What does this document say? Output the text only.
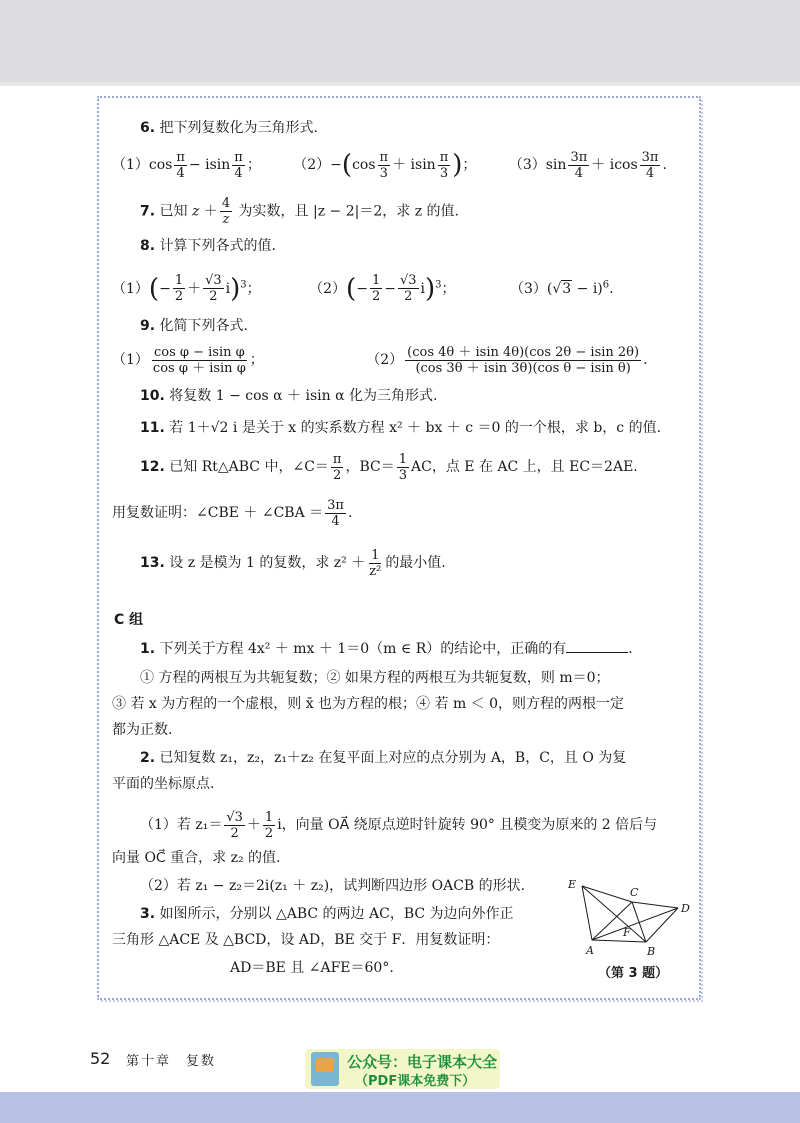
6. 把下列复数化为三角形式.
$(1)\cos \frac{\pi}{4} - isin \frac{\pi}{4}$ ； $(2)-(\cos \frac{\pi}{3} + isin \frac{\pi}{3}$ )； $(3)\sin \frac{3\pi}{4} + icos \frac{3\pi}{4}$ .
7. 已知 $z + \frac{4}{z}$ 为实数，且 |z − 2|＝2，求 z 的值.
8. 计算下列各式的值.
$(1)(- \frac{1}{2} + \frac{√3}{2} i)^3$；	$(2)(- \frac{1}{2} - \frac{√3}{2} i)^3$；	$(3)(√3 - i)^6$.
9. 化简下列各式.
$(1) \frac{\text{cos φ − isin φ}}{\text{cos φ ＋ isin φ}}$ ；	$(2) \frac{(\cos 4\theta + isin 4\theta)(\cos 2\theta - isin 2\theta)}{\text{(cos 3θ ＋ isin 3θ)(cos θ − isin θ)}}$ .
10. 将复数 1 − cos α ＋ isin α 化为三角形式.
11. 若 1＋√2 i 是关于 x 的实系数方程 x² ＋ bx ＋ c ＝0 的一个根，求 b，c 的值.
12. 已知 Rt△ABC 中，∠C＝ $\frac{\pi}{2}$ ，$BC= \frac{1}{3}$ AC，点 E 在 AC 上，且 EC＝2AE.
用复数证明：∠CBE ＋ ∠CBA ＝ $\frac{3\pi}{4}$ .
13. 设 z 是模为 1 的复数，求 $z^2 + \frac{1}{\text{z²}}$ 的最小值.
C 组
1. 下列关于方程 4x² ＋ mx ＋ 1＝0（m ∈ R）的结论中，正确的有	.
① 方程的两根互为共轭复数；② 如果方程的两根互为共轭复数，则 m＝0；
③ 若 x 为方程的一个虚根，则 x̄ 也为方程的根；④ 若 m ＜ 0，则方程的两根一定
都为正数.
2. 已知复数 z₁，z₂，z₁＋z₂ 在复平面上对应的点分别为 A，B，C，且 O 为复
平面的坐标原点.
（1）若 $z_1= \frac{√3}{2} + \frac{1}{2}$ i，向量 OA⃗ 绕原点逆时针旋转 90° 且模变为原来的 2 倍后与
向量 OC⃗ 重合，求 z₂ 的值.
（2）若 z₁ − z₂＝2i(z₁ ＋ z₂)，试判断四边形 OACB 的形状.
3. 如图所示，分别以 △ABC 的两边 AC，BC 为边向外作正
三角形 △ACE 及 △BCD，设 AD，BE 交于 F．用复数证明：
AD＝BE 且 ∠AFE＝60°.
E
C
D
F
A	B
（第 3 题）
52 第十章　复数	公众号：电子课本大全
（PDF课本免费下）
